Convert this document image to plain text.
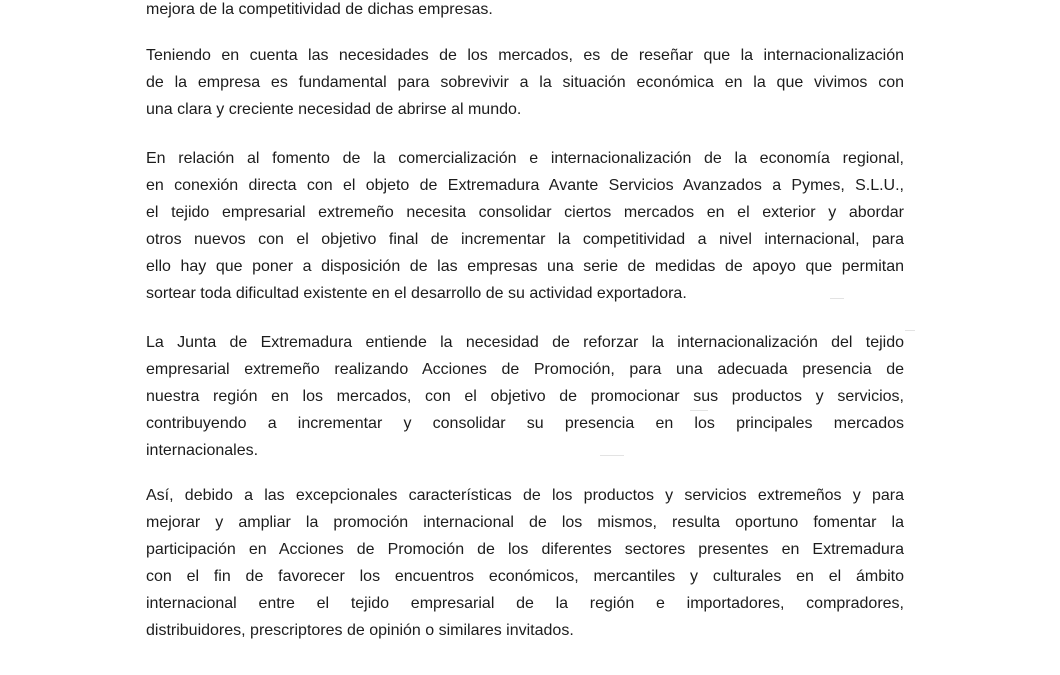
mejora de la competitividad de dichas empresas.

Teniendo en cuenta las necesidades de los mercados, es de reseñar que la internacionalización
de la empresa es fundamental para sobrevivir a la situación económica en la que vivimos con
una clara y creciente necesidad de abrirse al mundo.

En relación al fomento de la comercialización e internacionalización de la economía regional,
en conexión directa con el objeto de Extremadura Avante Servicios Avanzados a Pymes, S.L.U.,
el tejido empresarial extremeño necesita consolidar ciertos mercados en el exterior y abordar
otros nuevos con el objetivo final de incrementar la competitividad a nivel internacional, para
ello hay que poner a disposición de las empresas una serie de medidas de apoyo que permitan
sortear toda dificultad existente en el desarrollo de su actividad exportadora.

La Junta de Extremadura entiende la necesidad de reforzar la internacionalización del tejido
empresarial extremeño realizando Acciones de Promoción, para una adecuada presencia de
nuestra región en los mercados, con el objetivo de promocionar sus productos y servicios,
contribuyendo a incrementar y consolidar su presencia en los principales mercados
internacionales.

Así, debido a las excepcionales características de los productos y servicios extremeños y para
mejorar y ampliar la promoción internacional de los mismos, resulta oportuno fomentar la
participación en Acciones de Promoción de los diferentes sectores presentes en Extremadura
con el fin de favorecer los encuentros económicos, mercantiles y culturales en el ámbito
internacional entre el tejido empresarial de la región e importadores, compradores,
distribuidores, prescriptores de opinión o similares invitados.
